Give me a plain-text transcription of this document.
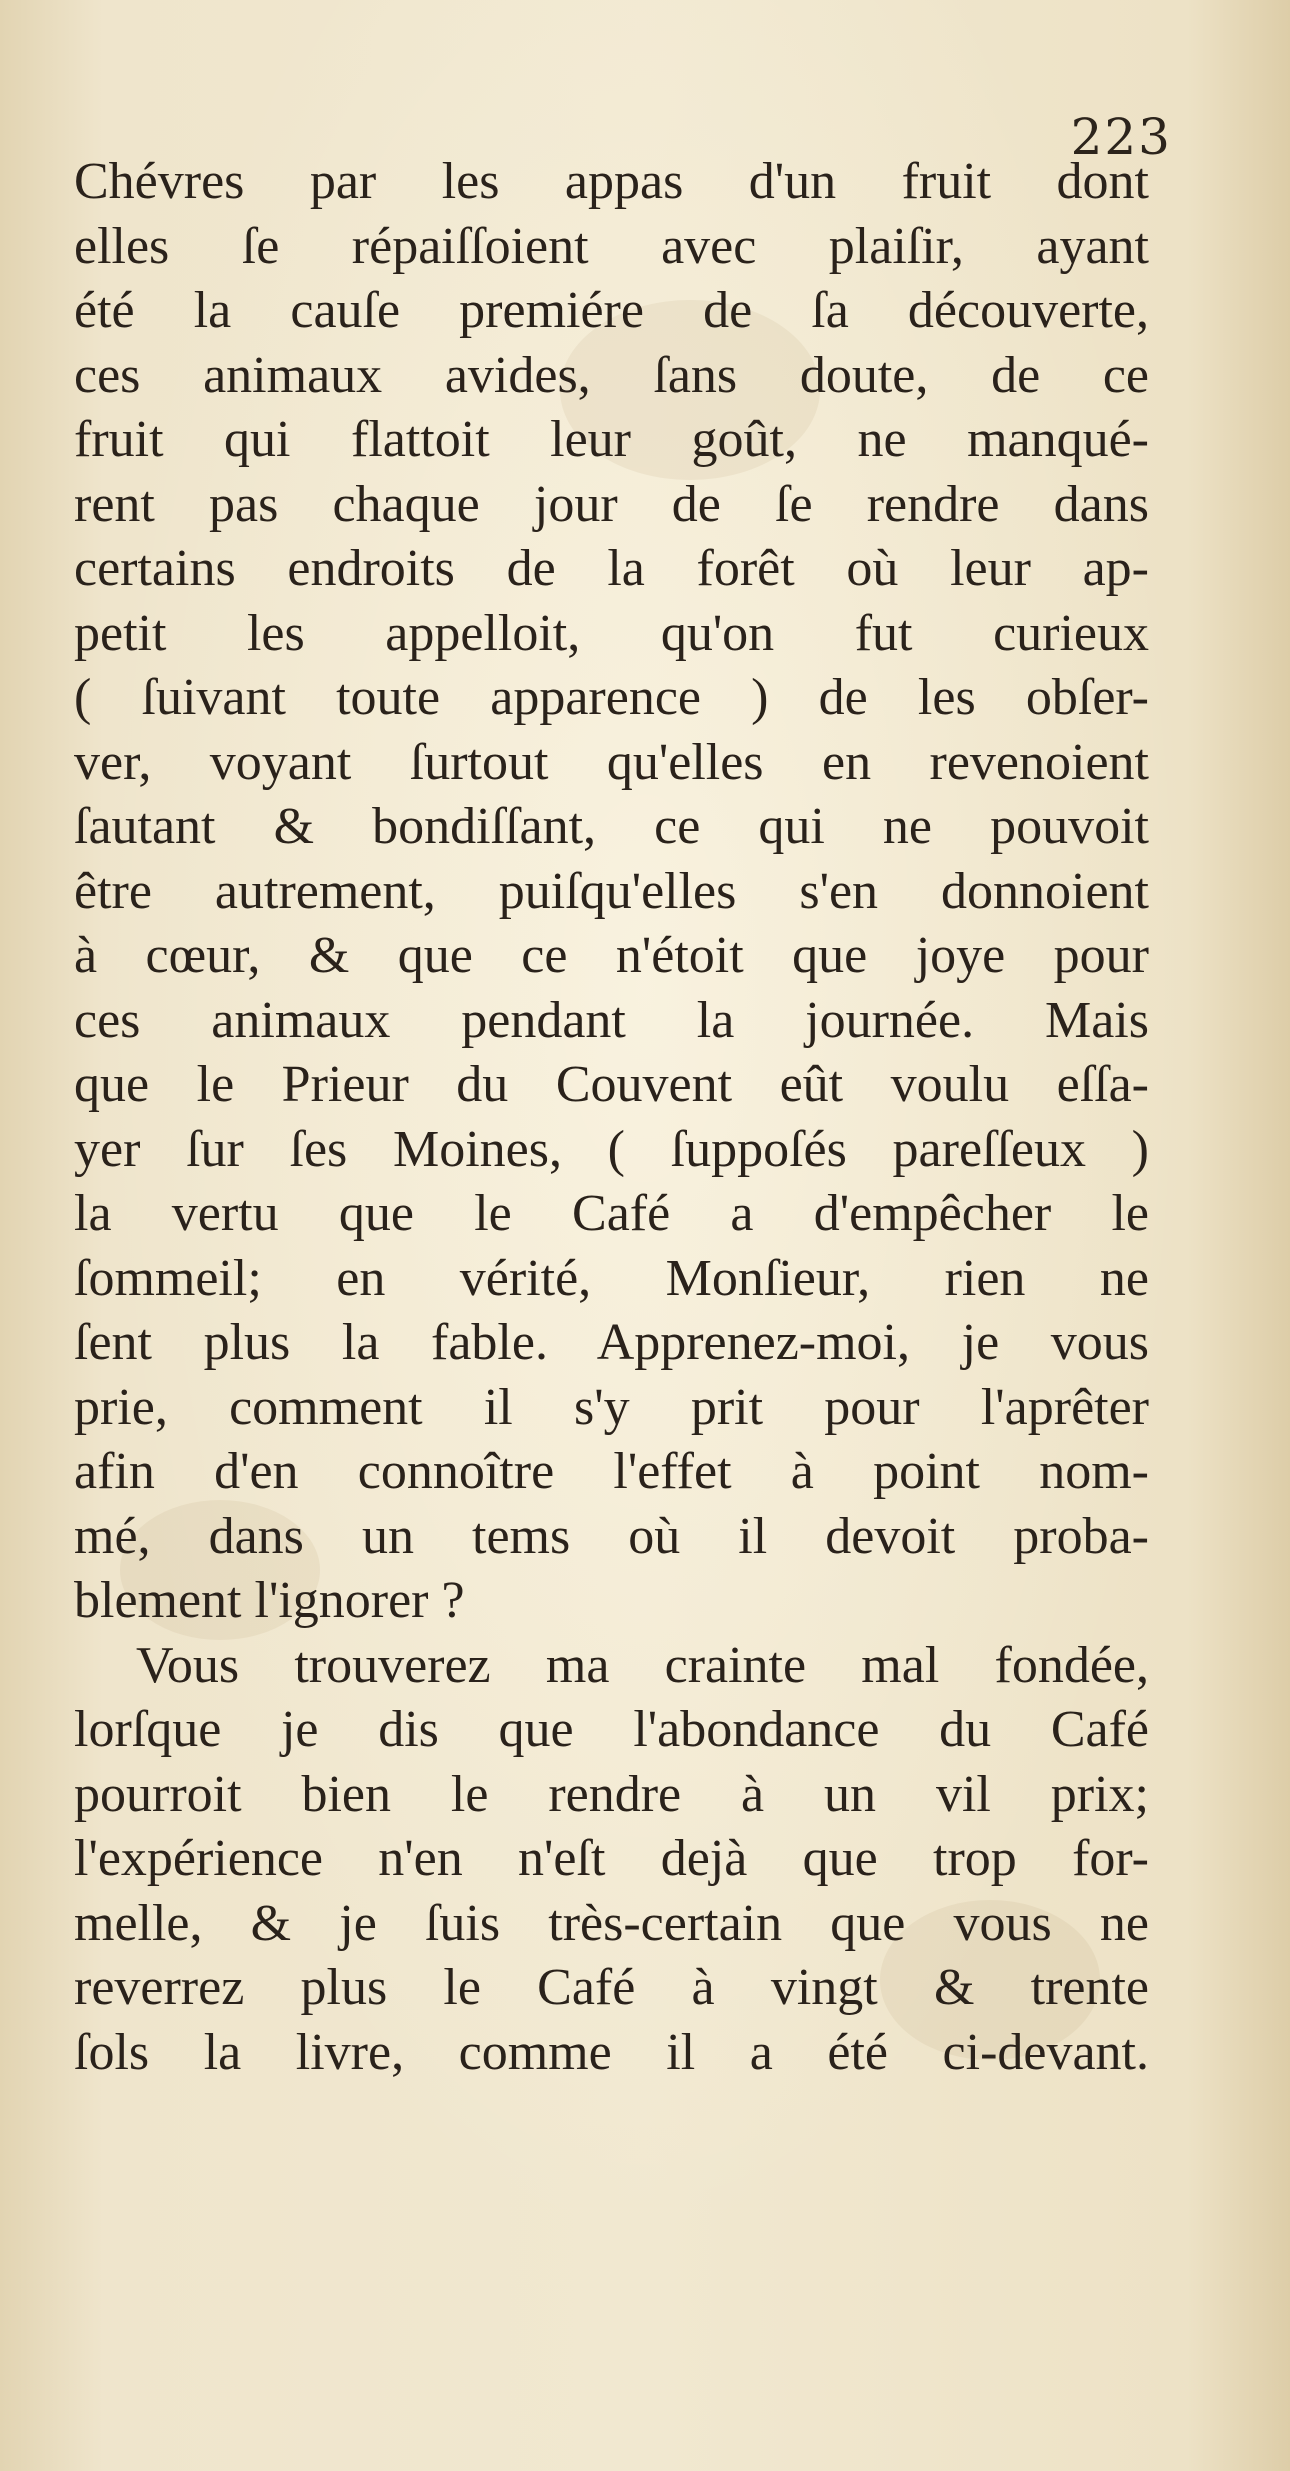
223
Chévres par les appas d'un fruit dont
elles ſe répaiſſoient avec plaiſir, ayant
été la cauſe premiére de ſa découverte,
ces animaux avides, ſans doute, de ce
fruit qui flattoit leur goût, ne manqué-
rent pas chaque jour de ſe rendre dans
certains endroits de la forêt où leur ap-
petit les appelloit, qu'on fut curieux
( ſuivant toute apparence ) de les obſer-
ver, voyant ſurtout qu'elles en revenoient
ſautant & bondiſſant, ce qui ne pouvoit
être autrement, puiſqu'elles s'en donnoient
à cœur, & que ce n'étoit que joye pour
ces animaux pendant la journée. Mais
que le Prieur du Couvent eût voulu eſſa-
yer ſur ſes Moines, ( ſuppoſés pareſſeux )
la vertu que le Café a d'empêcher le
ſommeil; en vérité, Monſieur, rien ne
ſent plus la fable. Apprenez-moi, je vous
prie, comment il s'y prit pour l'aprêter
afin d'en connoître l'effet à point nom-
mé, dans un tems où il devoit proba-
blement l'ignorer ?
Vous trouverez ma crainte mal fondée,
lorſque je dis que l'abondance du Café
pourroit bien le rendre à un vil prix;
l'expérience n'en n'eſt dejà que trop for-
melle, & je ſuis très-certain que vous ne
reverrez plus le Café à vingt & trente
ſols la livre, comme il a été ci-devant.
